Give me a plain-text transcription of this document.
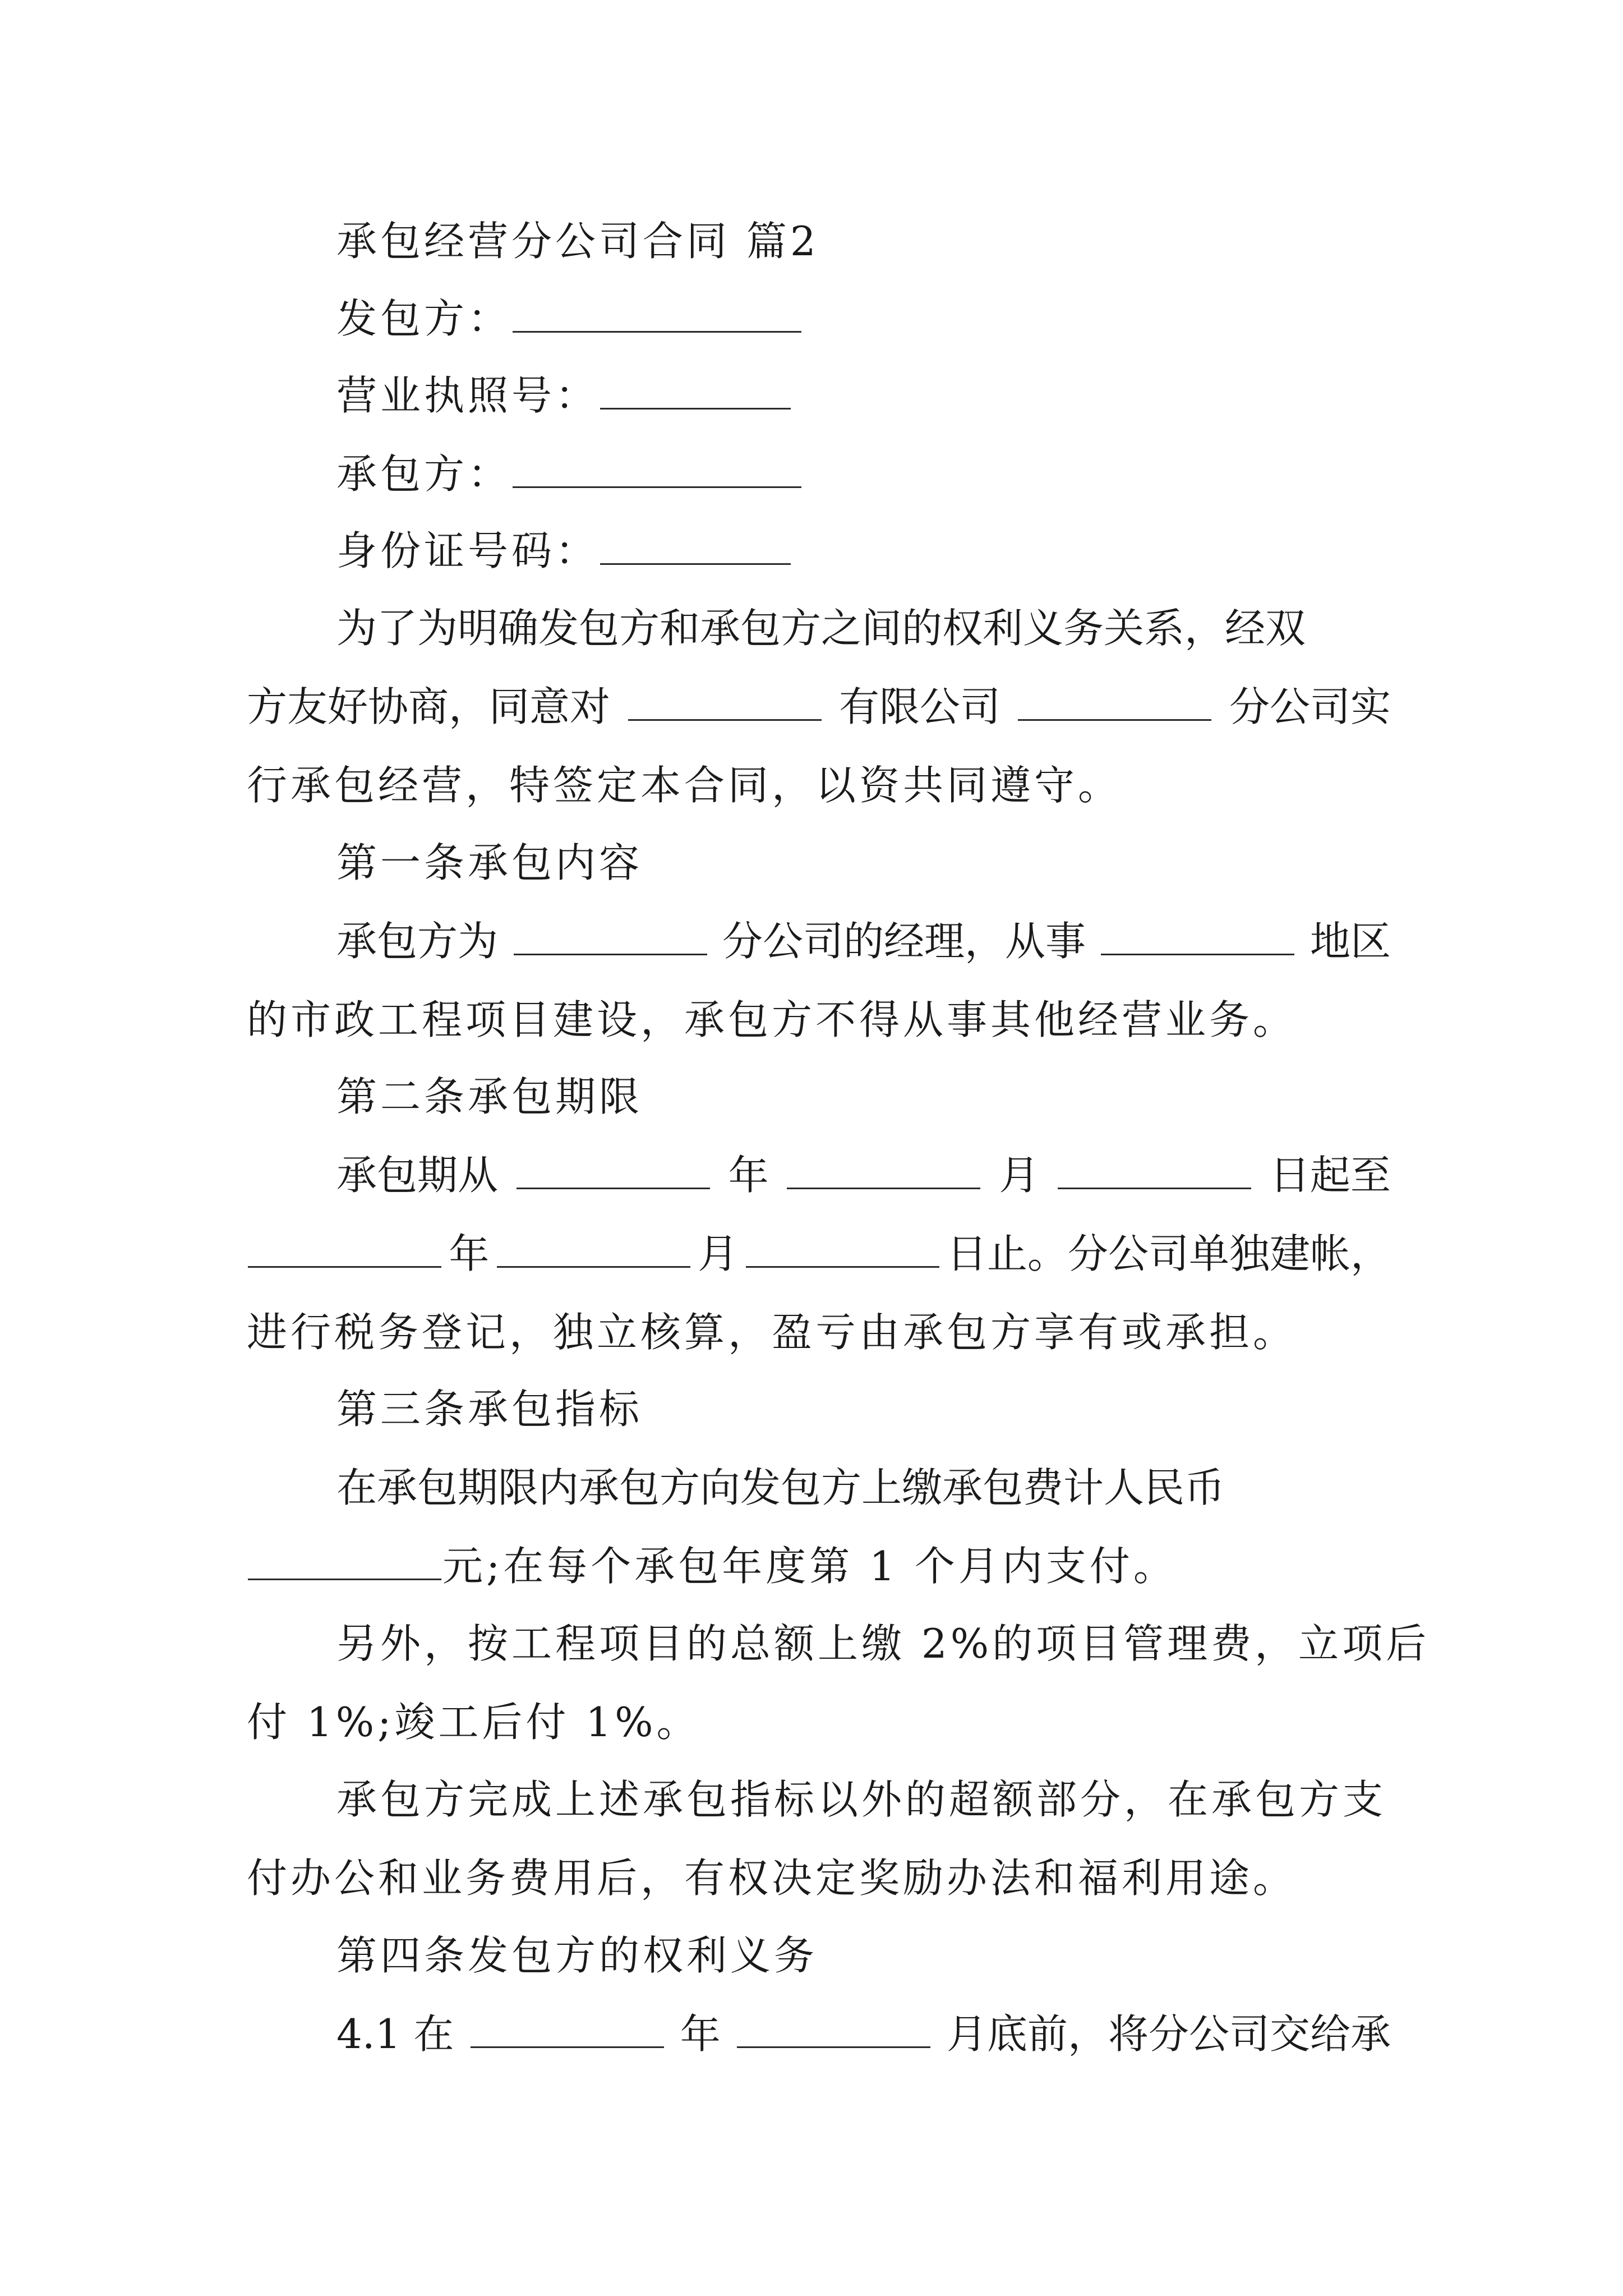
承包经营分公司合同 篇2
发包方：
营业执照号：
承包方：
身份证号码：
为了为明确发包方和承包方之间的权利义务关系，经双
方友好协商，同意对	有限公司	分公司实
行承包经营，特签定本合同，以资共同遵守。
第一条承包内容
承包方为	分公司的经理，从事	地区
的市政工程项目建设，承包方不得从事其他经营业务。
第二条承包期限
承包期从	年	月	日起至
年	月	日止。分公司单独建帐，
进行税务登记，独立核算，盈亏由承包方享有或承担。
第三条承包指标
在承包期限内承包方向发包方上缴承包费计人民币
元;在每个承包年度第 1 个月内支付。
另外，按工程项目的总额上缴 2%的项目管理费，立项后
付 1%;竣工后付 1%。
承包方完成上述承包指标以外的超额部分，在承包方支
付办公和业务费用后，有权决定奖励办法和福利用途。
第四条发包方的权利义务
4.1 在	年	月底前，将分公司交给承
